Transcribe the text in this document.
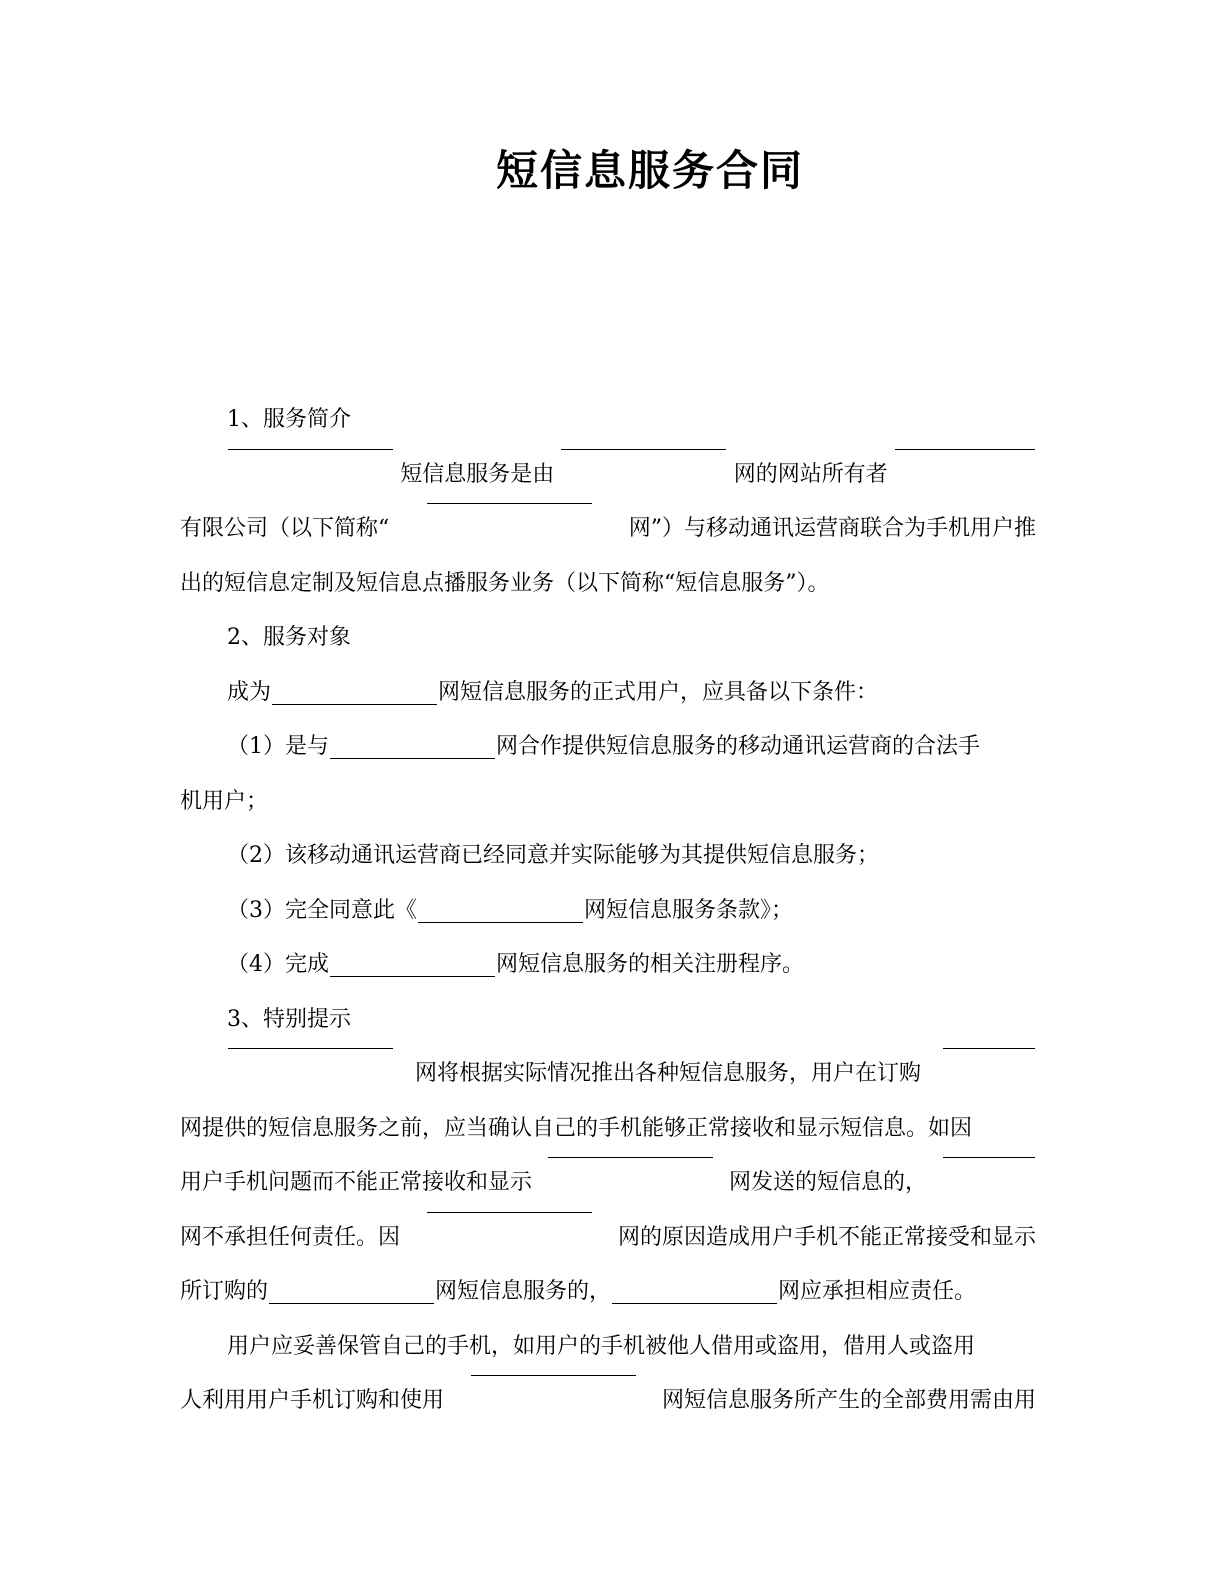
短信息服务合同
1、服务简介
短信息服务是由	网的网站所有者
有限公司（以下简称“	网”）与移动通讯运营商联合为手机用户推
出的短信息定制及短信息点播服务业务（以下简称“短信息服务”）。
2、服务对象
成为	网短信息服务的正式用户，应具备以下条件：
（1）是与	网合作提供短信息服务的移动通讯运营商的合法手
机用户；
（2）该移动通讯运营商已经同意并实际能够为其提供短信息服务；
（3）完全同意此《	网短信息服务条款》；
（4）完成	网短信息服务的相关注册程序。
3、特别提示
网将根据实际情况推出各种短信息服务，用户在订购
网提供的短信息服务之前，应当确认自己的手机能够正常接收和显示短信息。如因
用户手机问题而不能正常接收和显示	网发送的短信息的，
网不承担任何责任。因	网的原因造成用户手机不能正常接受和显示
所订购的	网短信息服务的，	网应承担相应责任。
用户应妥善保管自己的手机，如用户的手机被他人借用或盗用，借用人或盗用
人利用用户手机订购和使用	网短信息服务所产生的全部费用需由用
